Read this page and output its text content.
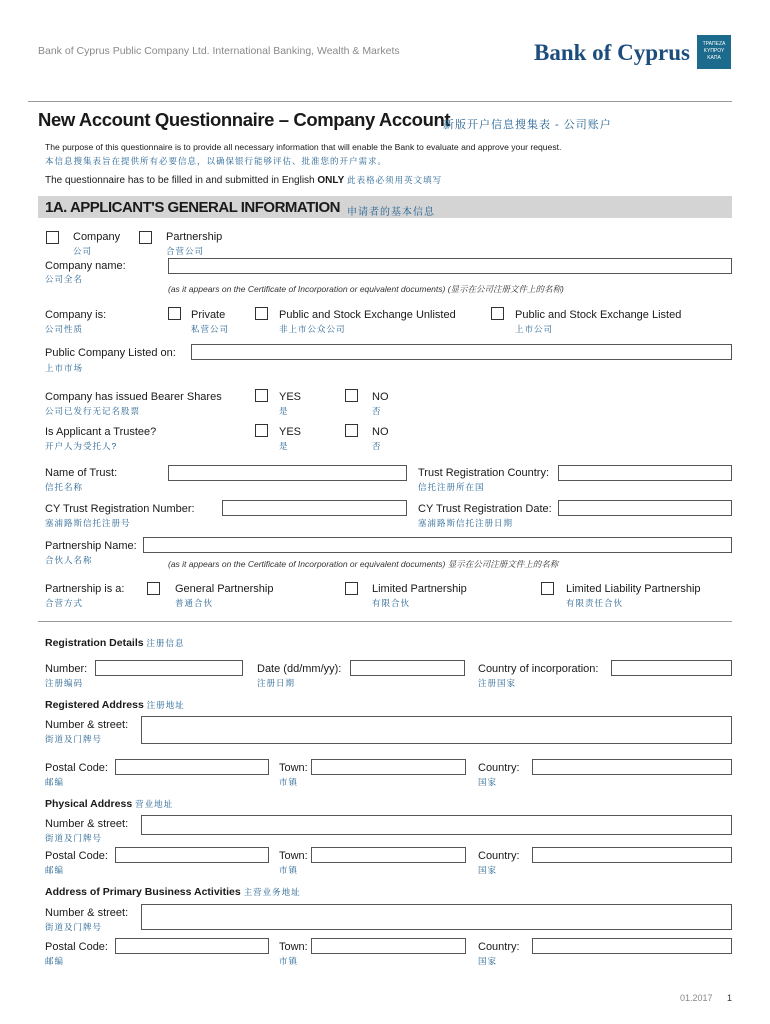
Bank of Cyprus Public Company Ltd. International Banking, Wealth & Markets	Bank of Cyprus	ΤΡΑΠΕΖΑ
ΚΥΠΡΟΥ
ΚΑΠΑ
New Account Questionnaire – Company Account
新版开户信息搜集表 - 公司账户
The purpose of this questionnaire is to provide all necessary information that will enable the Bank to evaluate and approve your request.
本信息搜集表旨在提供所有必要信息，以确保银行能够评估、批准您的开户需求。
The questionnaire has to be filled in and submitted in English ONLY 此表格必须用英文填写
1A. APPLICANT'S GENERAL INFORMATION 申请者的基本信息
Company
公司
Partnership
合营公司
Company name:
公司全名
(as it appears on the Certificate of Incorporation or equivalent documents) (显示在公司注册文件上的名称)
Company is:
公司性质
Private
私营公司
Public and Stock Exchange Unlisted
非上市公众公司
Public and Stock Exchange Listed
上市公司
Public Company Listed on:
上市市场
Company has issued Bearer Shares
公司已发行无记名股票
YES
是
NO
否
Is Applicant a Trustee?
开户人为受托人?
YES
是
NO
否
Name of Trust:
信托名称
Trust Registration Country:
信托注册所在国
CY Trust Registration Number:
塞浦路斯信托注册号
CY Trust Registration Date:
塞浦路斯信托注册日期
Partnership Name:
合伙人名称	(as it appears on the Certificate of Incorporation or equivalent documents) 显示在公司注册文件上的名称
Partnership is a:
合营方式
General Partnership
普通合伙
Limited Partnership
有限合伙
Limited Liability Partnership
有限责任合伙
Registration Details 注册信息
Number:
注册编码
Date (dd/mm/yy):
注册日期
Country of incorporation:
注册国家
Registered Address 注册地址
Number & street:
街道及门牌号
Postal Code:
邮编
Town:
市镇
Country:
国家
Physical Address 营业地址
Number & street:
街道及门牌号
Postal Code:
邮编
Town:
市镇
Country:
国家
Address of Primary Business Activities 主营业务地址
Number & street:
街道及门牌号
Postal Code:
邮编
Town:
市镇
Country:
国家
01.2017 1
